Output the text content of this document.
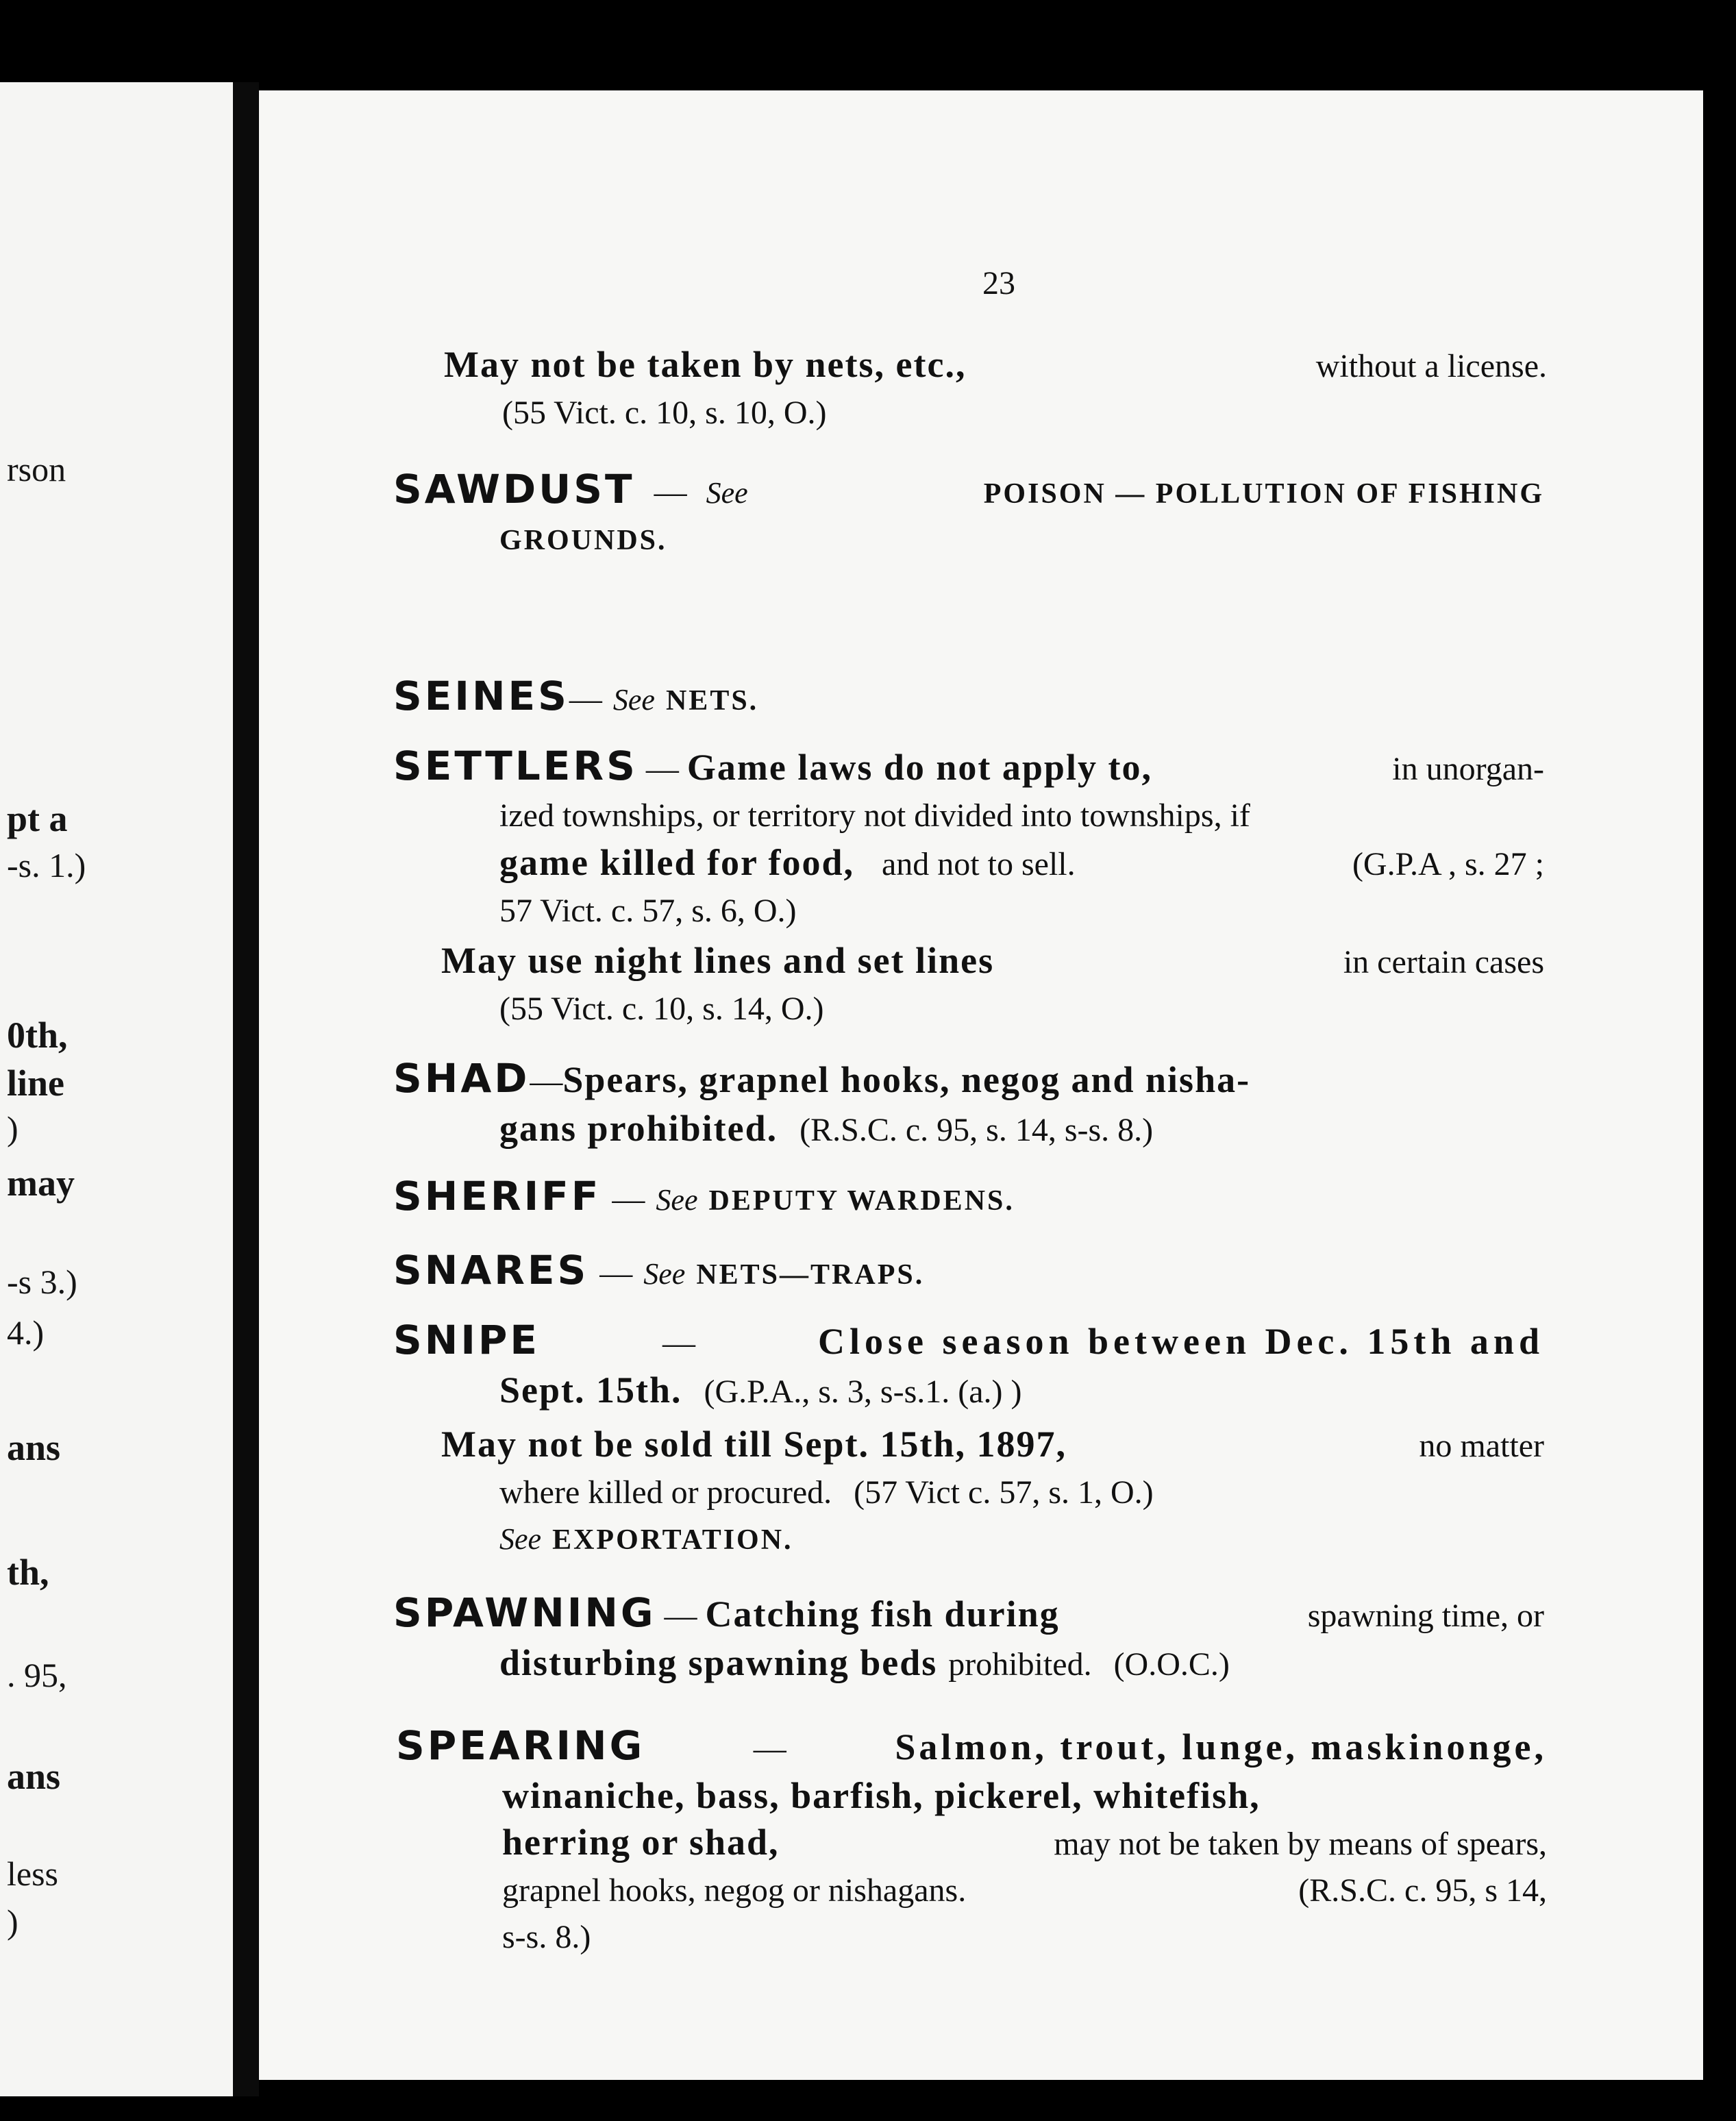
rson
pt a
-s. 1.)
0th,
line
)
may
-s 3.)
4.)
ans
th,
. 95,
ans
less
)
23
May not be taken by nets, etc.,	without a license.
(55 Vict. c. 10, s. 10, O.)
SAWDUST — See	POISON — POLLUTION OF FISHING
GROUNDS.
SEINES — See NETS.
SETTLERS — Game laws do not apply to,	in unorgan-
ized townships, or territory not divided into townships, if
game killed for food, and not to sell.	(G.P.A , s. 27 ;
57 Vict. c. 57, s. 6, O.)
May use night lines and set lines	in certain cases
(55 Vict. c. 10, s. 14, O.)
SHAD — Spears, grapnel hooks, negog and nisha-
gans prohibited. (R.S.C. c. 95, s. 14, s-s. 8.)
SHERIFF — See DEPUTY WARDENS.
SNARES — See NETS—TRAPS.
SNIPE	—	Close season between Dec. 15th and
Sept. 15th. (G.P.A., s. 3, s-s.1. (a.) )
May not be sold till Sept. 15th, 1897,	no matter
where killed or procured. (57 Vict c. 57, s. 1, O.)
See EXPORTATION.
SPAWNING — Catching fish during	spawning time, or
disturbing spawning beds prohibited. (O.O.C.)
SPEARING	—	Salmon, trout, lunge, maskinonge,
winaniche, bass, barfish, pickerel, whitefish,
herring or shad,	may not be taken by means of spears,
grapnel hooks, negog or nishagans.	(R.S.C. c. 95, s 14,
s-s. 8.)
